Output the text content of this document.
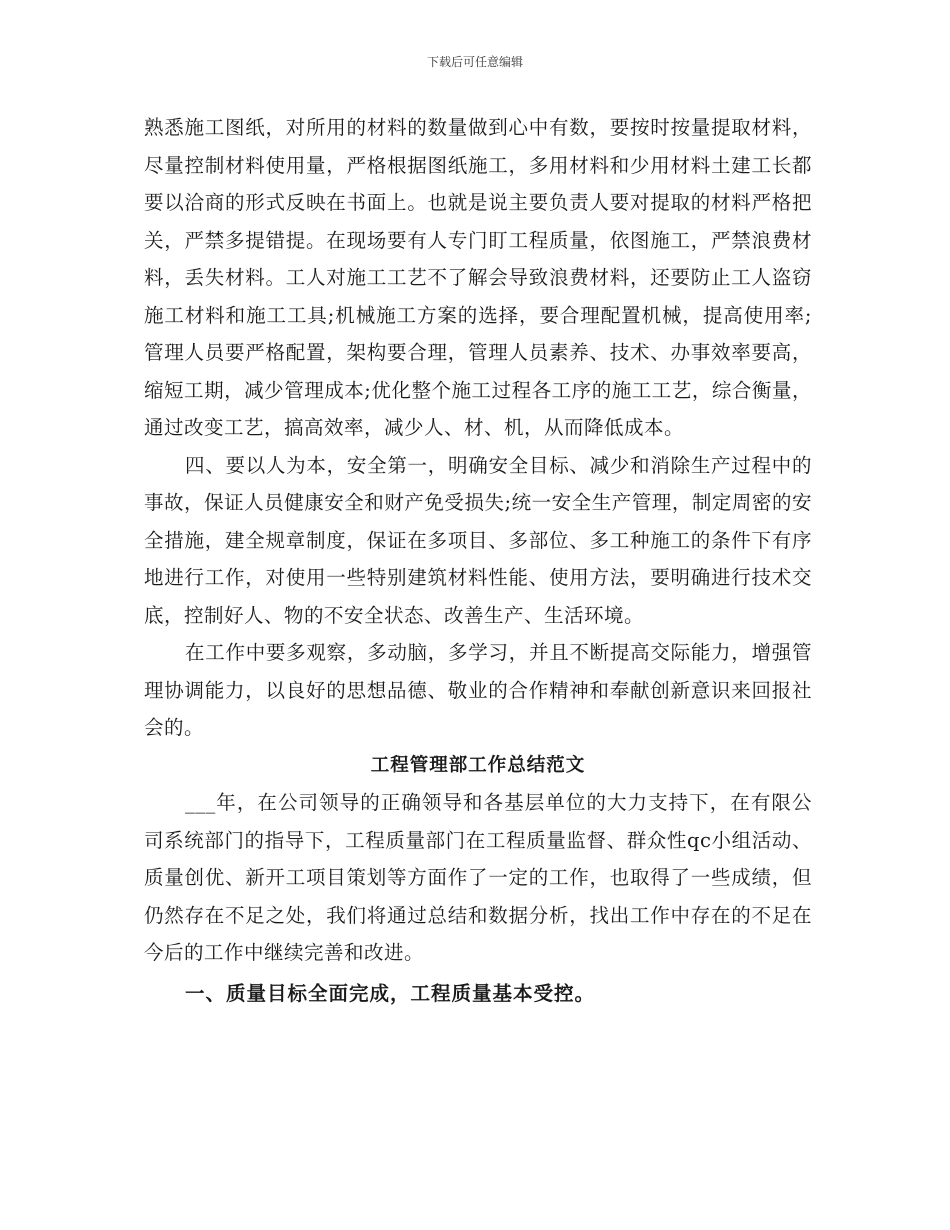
下载后可任意编辑

熟悉施工图纸，对所用的材料的数量做到心中有数，要按时按量提取材料，尽量控制材料使用量，严格根据图纸施工，多用材料和少用材料土建工长都要以洽商的形式反映在书面上。也就是说主要负责人要对提取的材料严格把关，严禁多提错提。在现场要有人专门盯工程质量，依图施工，严禁浪费材料，丢失材料。工人对施工工艺不了解会导致浪费材料，还要防止工人盗窃施工材料和施工工具;机械施工方案的选择，要合理配置机械，提高使用率;管理人员要严格配置，架构要合理，管理人员素养、技术、办事效率要高，缩短工期，减少管理成本;优化整个施工过程各工序的施工工艺，综合衡量，通过改变工艺，搞高效率，减少人、材、机，从而降低成本。

四、要以人为本，安全第一，明确安全目标、减少和消除生产过程中的事故，保证人员健康安全和财产免受损失;统一安全生产管理，制定周密的安全措施，建全规章制度，保证在多项目、多部位、多工种施工的条件下有序地进行工作，对使用一些特别建筑材料性能、使用方法，要明确进行技术交底，控制好人、物的不安全状态、改善生产、生活环境。

在工作中要多观察，多动脑，多学习，并且不断提高交际能力，增强管理协调能力，以良好的思想品德、敬业的合作精神和奉献创新意识来回报社会的。

工程管理部工作总结范文

___年，在公司领导的正确领导和各基层单位的大力支持下，在有限公司系统部门的指导下，工程质量部门在工程质量监督、群众性qc小组活动、质量创优、新开工项目策划等方面作了一定的工作，也取得了一些成绩，但仍然存在不足之处，我们将通过总结和数据分析，找出工作中存在的不足在今后的工作中继续完善和改进。

一、质量目标全面完成，工程质量基本受控。
